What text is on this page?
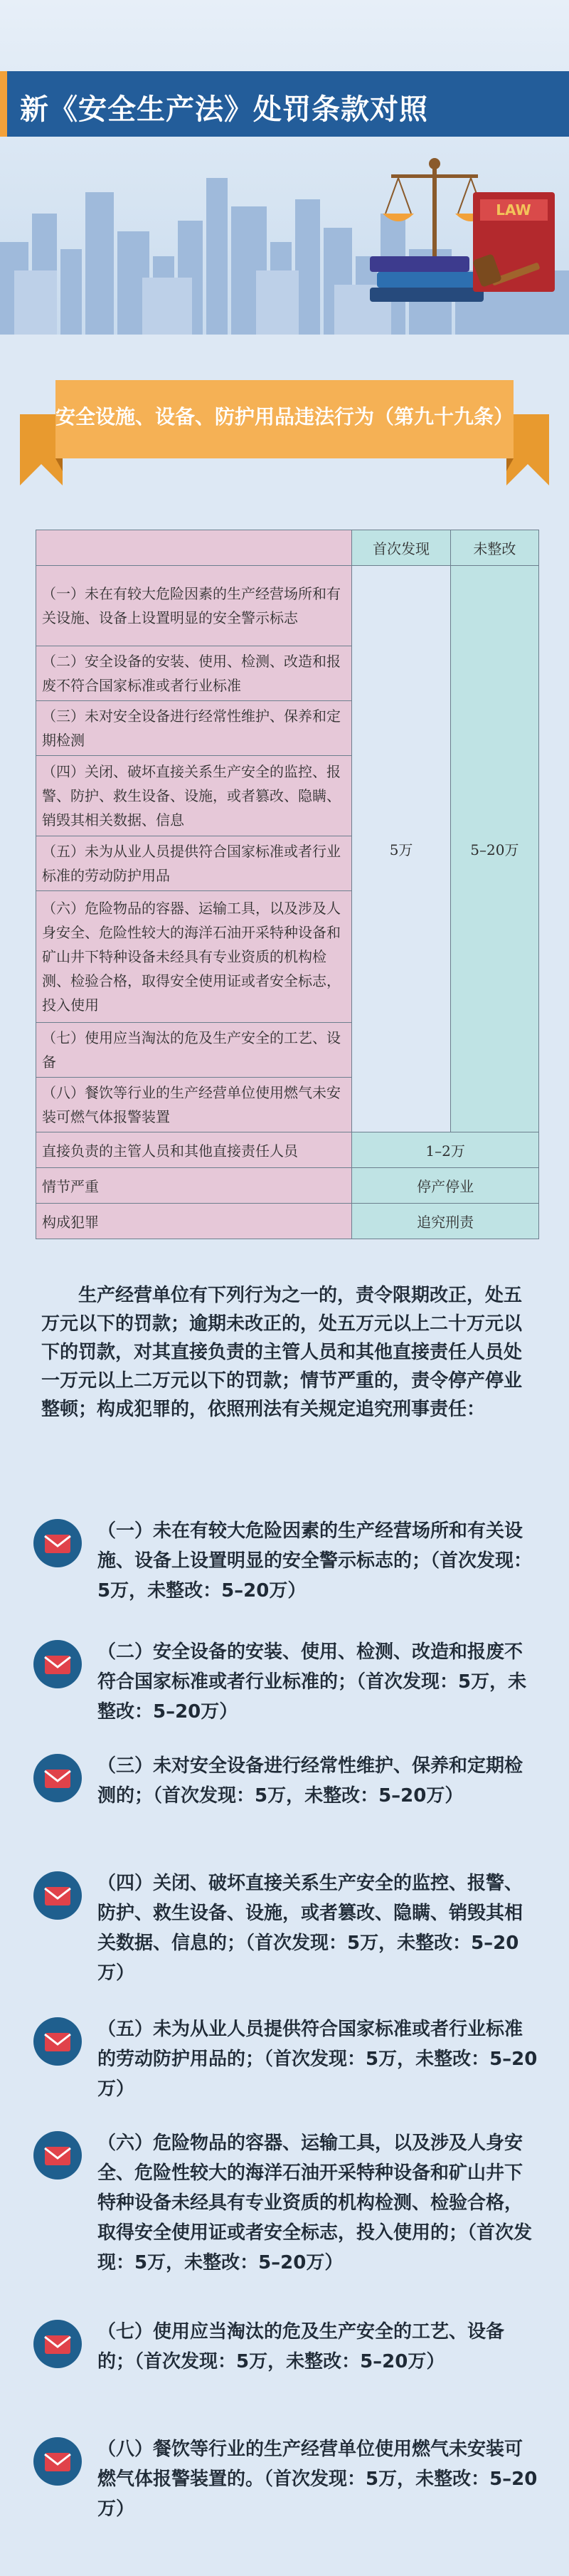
新《安全生产法》处罚条款对照
LAW
安全设施、设备、防护用品违法行为（第九十九条）
	首次发现	未整改
（一）未在有较大危险因素的生产经营场所和有关设施、设备上设置明显的安全警示标志	5万	5–20万
（二）安全设备的安装、使用、检测、改造和报废不符合国家标准或者行业标准		
（三）未对安全设备进行经常性维护、保养和定期检测		
（四）关闭、破坏直接关系生产安全的监控、报警、防护、救生设备、设施，或者篡改、隐瞒、销毁其相关数据、信息		
（五）未为从业人员提供符合国家标准或者行业标准的劳动防护用品		
（六）危险物品的容器、运输工具，以及涉及人身安全、危险性较大的海洋石油开采特种设备和矿山井下特种设备未经具有专业资质的机构检测、检验合格，取得安全使用证或者安全标志，投入使用		
（七）使用应当淘汰的危及生产安全的工艺、设备		
（八）餐饮等行业的生产经营单位使用燃气未安装可燃气体报警装置		
直接负责的主管人员和其他直接责任人员	1–2万	
情节严重	停产停业	
构成犯罪	追究刑责	
生产经营单位有下列行为之一的，责令限期改正，处五万元以下的罚款；逾期未改正的，处五万元以上二十万元以下的罚款，对其直接负责的主管人员和其他直接责任人员处一万元以上二万元以下的罚款；情节严重的，责令停产停业整顿；构成犯罪的，依照刑法有关规定追究刑事责任：
（一）未在有较大危险因素的生产经营场所和有关设施、设备上设置明显的安全警示标志的；（首次发现：5万，未整改：5–20万）
（二）安全设备的安装、使用、检测、改造和报废不符合国家标准或者行业标准的；（首次发现：5万，未整改：5–20万）
（三）未对安全设备进行经常性维护、保养和定期检测的；（首次发现：5万，未整改：5–20万）
（四）关闭、破坏直接关系生产安全的监控、报警、防护、救生设备、设施，或者篡改、隐瞒、销毁其相关数据、信息的；（首次发现：5万，未整改：5–20万）
（五）未为从业人员提供符合国家标准或者行业标准的劳动防护用品的；（首次发现：5万，未整改：5–20万）
（六）危险物品的容器、运输工具，以及涉及人身安全、危险性较大的海洋石油开采特种设备和矿山井下特种设备未经具有专业资质的机构检测、检验合格，取得安全使用证或者安全标志，投入使用的；（首次发现：5万，未整改：5–20万）
（七）使用应当淘汰的危及生产安全的工艺、设备的；（首次发现：5万，未整改：5–20万）
（八）餐饮等行业的生产经营单位使用燃气未安装可燃气体报警装置的。（首次发现：5万，未整改：5–20万）
